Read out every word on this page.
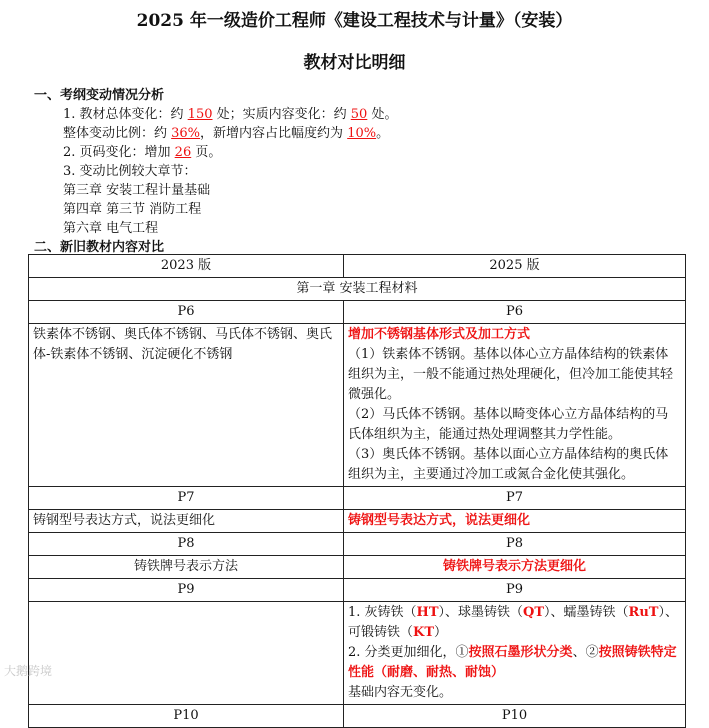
2025 年一级造价工程师《建设工程技术与计量》（安装）
教材对比明细
一、考纲变动情况分析
1. 教材总体变化：约 150 处；实质内容变化：约 50 处。
整体变动比例：约 36%，新增内容占比幅度约为 10%。
2. 页码变化：增加 26 页。
3. 变动比例较大章节：
第三章 安装工程计量基础
第四章 第三节 消防工程
第六章 电气工程
二、新旧教材内容对比
2023 版	2025 版
第一章 安装工程材料	
P6	P6
铁素体不锈钢、奥氏体不锈钢、马氏体不锈钢、奥氏体-铁素体不锈钢、沉淀硬化不锈钢	增加不锈钢基体形式及加工方式
（1）铁素体不锈钢。基体以体心立方晶体结构的铁素体组织为主，一般不能通过热处理硬化，但冷加工能使其轻微强化。
（2）马氏体不锈钢。基体以畸变体心立方晶体结构的马氏体组织为主，能通过热处理调整其力学性能。
（3）奥氏体不锈钢。基体以面心立方晶体结构的奥氏体组织为主，主要通过冷加工或氮合金化使其强化。

P7	P7
铸钢型号表达方式，说法更细化	铸钢型号表达方式，说法更细化
P8	P8
铸铁牌号表示方法	铸铁牌号表示方法更细化
P9	P9

	1. 灰铸铁（HT）、球墨铸铁（QT）、蠕墨铸铁（RuT）、可锻铸铁（KT）
2. 分类更加细化，①按照石墨形状分类、②按照铸铁特定性能（耐磨、耐热、耐蚀）
基础内容无变化。

P10	P10
大鹅跨境
